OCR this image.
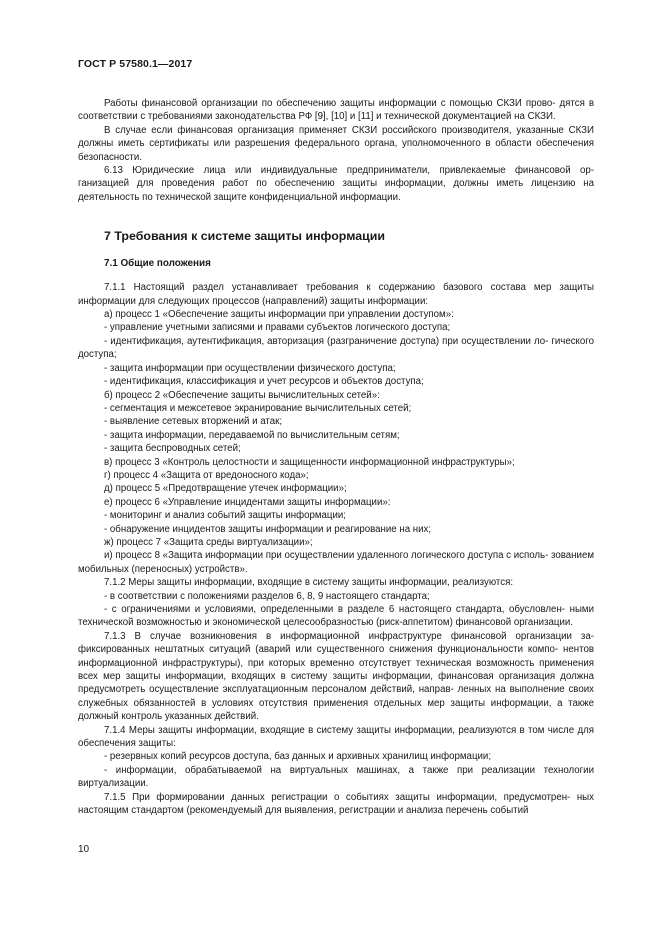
ГОСТ Р 57580.1—2017

Работы финансовой организации по обеспечению защиты информации с помощью СКЗИ прово- дятся в соответствии с требованиями законодательства РФ [9], [10] и [11] и технической документацией на СКЗИ.

В случае если финансовая организация применяет СКЗИ российского производителя, указанные СКЗИ должны иметь сертификаты или разрешения федерального органа, уполномоченного в области обеспечения безопасности.

6.13 Юридические лица или индивидуальные предприниматели, привлекаемые финансовой ор- ганизацией для проведения работ по обеспечению защиты информации, должны иметь лицензию на деятельность по технической защите конфиденциальной информации.

7 Требования к системе защиты информации
7.1 Общие положения

7.1.1 Настоящий раздел устанавливает требования к содержанию базового состава мер защиты информации для следующих процессов (направлений) защиты информации:

а) процесс 1 «Обеспечение защиты информации при управлении доступом»:

- управление учетными записями и правами субъектов логического доступа;

- идентификация, аутентификация, авторизация (разграничение доступа) при осуществлении ло- гического доступа;

- защита информации при осуществлении физического доступа;

- идентификация, классификация и учет ресурсов и объектов доступа;

б) процесс 2 «Обеспечение защиты вычислительных сетей»:

- сегментация и межсетевое экранирование вычислительных сетей;

- выявление сетевых вторжений и атак;

- защита информации, передаваемой по вычислительным сетям;

- защита беспроводных сетей;

в) процесс 3 «Контроль целостности и защищенности информационной инфраструктуры»;

г) процесс 4 «Защита от вредоносного кода»;

д) процесс 5 «Предотвращение утечек информации»;

е) процесс 6 «Управление инцидентами защиты информации»:

- мониторинг и анализ событий защиты информации;

- обнаружение инцидентов защиты информации и реагирование на них;

ж) процесс 7 «Защита среды виртуализации»;

и) процесс 8 «Защита информации при осуществлении удаленного логического доступа с исполь- зованием мобильных (переносных) устройств».

7.1.2 Меры защиты информации, входящие в систему защиты информации, реализуются:

- в соответствии с положениями разделов 6, 8, 9 настоящего стандарта;

- с ограничениями и условиями, определенными в разделе 6 настоящего стандарта, обусловлен- ными технической возможностью и экономической целесообразностью (риск-аппетитом) финансовой организации.

7.1.3 В случае возникновения в информационной инфраструктуре финансовой организации за- фиксированных нештатных ситуаций (аварий или существенного снижения функциональности компо- нентов информационной инфраструктуры), при которых временно отсутствует техническая возможность применения всех мер защиты информации, входящих в систему защиты информации, финансовая организация должна предусмотреть осуществление эксплуатационным персоналом действий, направ- ленных на выполнение своих служебных обязанностей в условиях отсутствия применения отдельных мер защиты информации, а также должный контроль указанных действий.

7.1.4 Меры защиты информации, входящие в систему защиты информации, реализуются в том числе для обеспечения защиты:

- резервных копий ресурсов доступа, баз данных и архивных хранилищ информации;

- информации, обрабатываемой на виртуальных машинах, а также при реализации технологии виртуализации.

7.1.5 При формировании данных регистрации о событиях защиты информации, предусмотрен- ных настоящим стандартом (рекомендуемый для выявления, регистрации и анализа перечень событий

10
